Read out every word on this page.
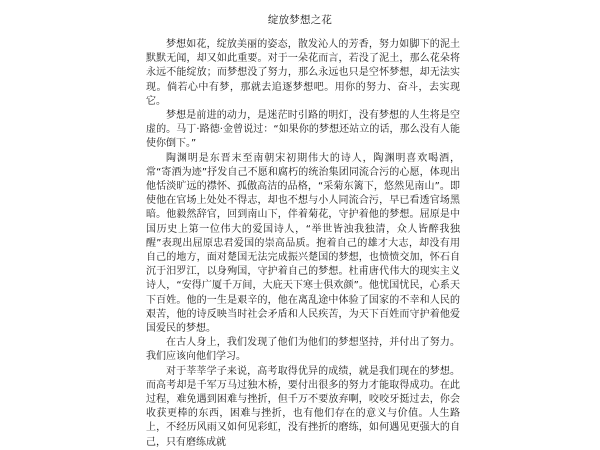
绽放梦想之花

梦想如花，绽放美丽的姿态，散发沁人的芳香，努力如脚下的泥土默默无闻，却又如此重要。对于一朵花而言，若没了泥土，那么花朵将永远不能绽放；而梦想没了努力，那么永远也只是空怀梦想，却无法实现。倘若心中有梦，那就去追逐梦想吧。用你的努力、奋斗，去实现它。

梦想是前进的动力，是迷茫时引路的明灯，没有梦想的人生将是空虚的。马丁·路德·金曾说过：“如果你的梦想还站立的话，那么没有人能使你倒下。”

陶渊明是东晋末至南朝宋初期伟大的诗人，陶渊明喜欢喝酒，常“寄酒为迹”抒发自己不愿和腐朽的统治集团同流合污的心愿，体现出他恬淡旷远的襟怀、孤傲高洁的品格，“采菊东篱下，悠然见南山”。即使他在官场上处处不得志，却也不想与小人同流合污，早已看透官场黑暗。他毅然辞官，回到南山下，伴着菊花，守护着他的梦想。屈原是中国历史上第一位伟大的爱国诗人，“举世皆浊我独清，众人皆醉我独醒”表现出屈原忠君爱国的崇高品质。抱着自己的雄才大志，却没有用自己的地方，面对楚国无法完成振兴楚国的梦想，也愤愤交加，怀石自沉于汨罗江，以身殉国，守护着自己的梦想。杜甫唐代伟大的现实主义诗人，“安得广厦千万间，大庇天下寒士俱欢颜”。他忧国忧民，心系天下百姓。他的一生是艰辛的，他在离乱途中体验了国家的不幸和人民的艰苦，他的诗反映当时社会矛盾和人民疾苦，为天下百姓而守护着他爱国爱民的梦想。

在古人身上，我们发现了他们为他们的梦想坚持，并付出了努力。我们应该向他们学习。

对于莘莘学子来说，高考取得优异的成绩，就是我们现在的梦想。而高考却是千军万马过独木桥，要付出很多的努力才能取得成功。在此过程，难免遇到困难与挫折，但千万不要放弃啊，咬咬牙挺过去，你会收获更棒的东西，困难与挫折，也有他们存在的意义与价值。人生路上，不经历风雨又如何见彩虹，没有挫折的磨练，如何遇见更强大的自己，只有磨练成就
